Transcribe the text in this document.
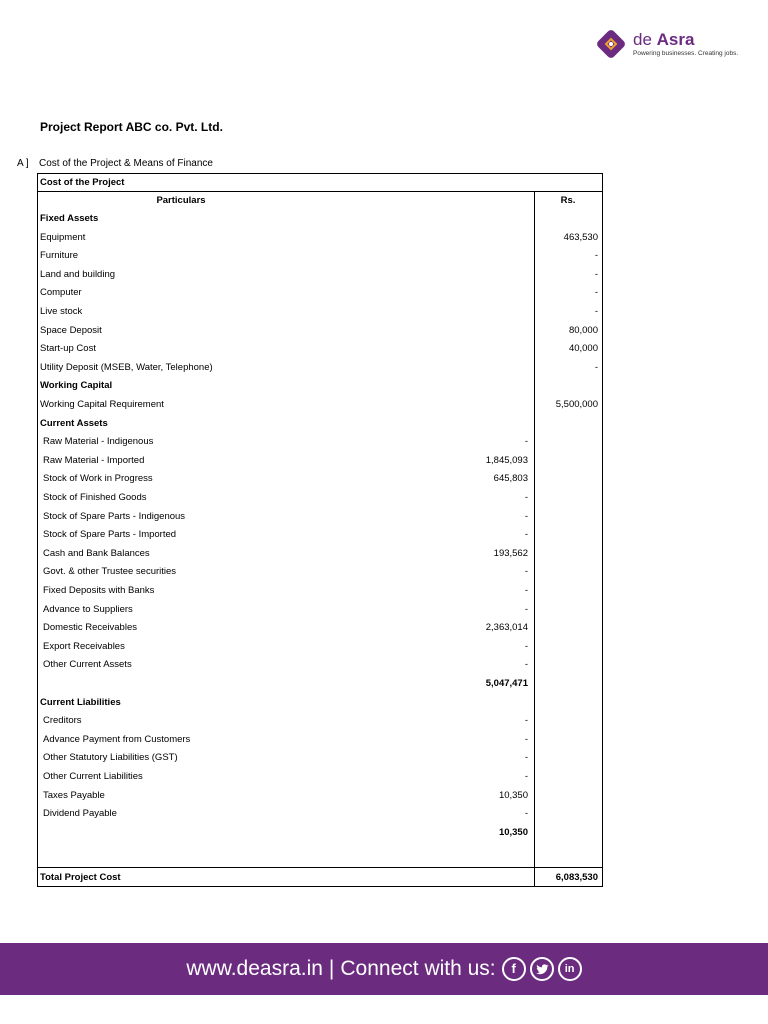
de Asra
Powering businesses. Creating jobs.
Project Report ABC co. Pvt. Ltd.
A ] Cost of the Project & Means of Finance
Cost of the Project
Particulars	Rs.
Fixed Assets
Equipment	463,530
Furniture	-
Land and building	-
Computer	-
Live stock	-
Space Deposit	80,000
Start-up Cost	40,000
Utility Deposit (MSEB, Water, Telephone)	-
Working Capital
Working Capital Requirement	5,500,000
Current Assets
Raw Material - Indigenous	-
Raw Material - Imported	1,845,093
Stock of Work in Progress	645,803
Stock of Finished Goods	-
Stock of Spare Parts - Indigenous	-
Stock of Spare Parts - Imported	-
Cash and Bank Balances	193,562
Govt. & other Trustee securities	-
Fixed Deposits with Banks	-
Advance to Suppliers	-
Domestic Receivables	2,363,014
Export Receivables	-
Other Current Assets	-
5,047,471
Current Liabilities
Creditors	-
Advance Payment from Customers	-
Other Statutory Liabilities (GST)	-
Other Current Liabilities	-
Taxes Payable	10,350
Dividend Payable	-
10,350
Total Project Cost	6,083,530
www.deasra.in | Connect with us:	f	in
